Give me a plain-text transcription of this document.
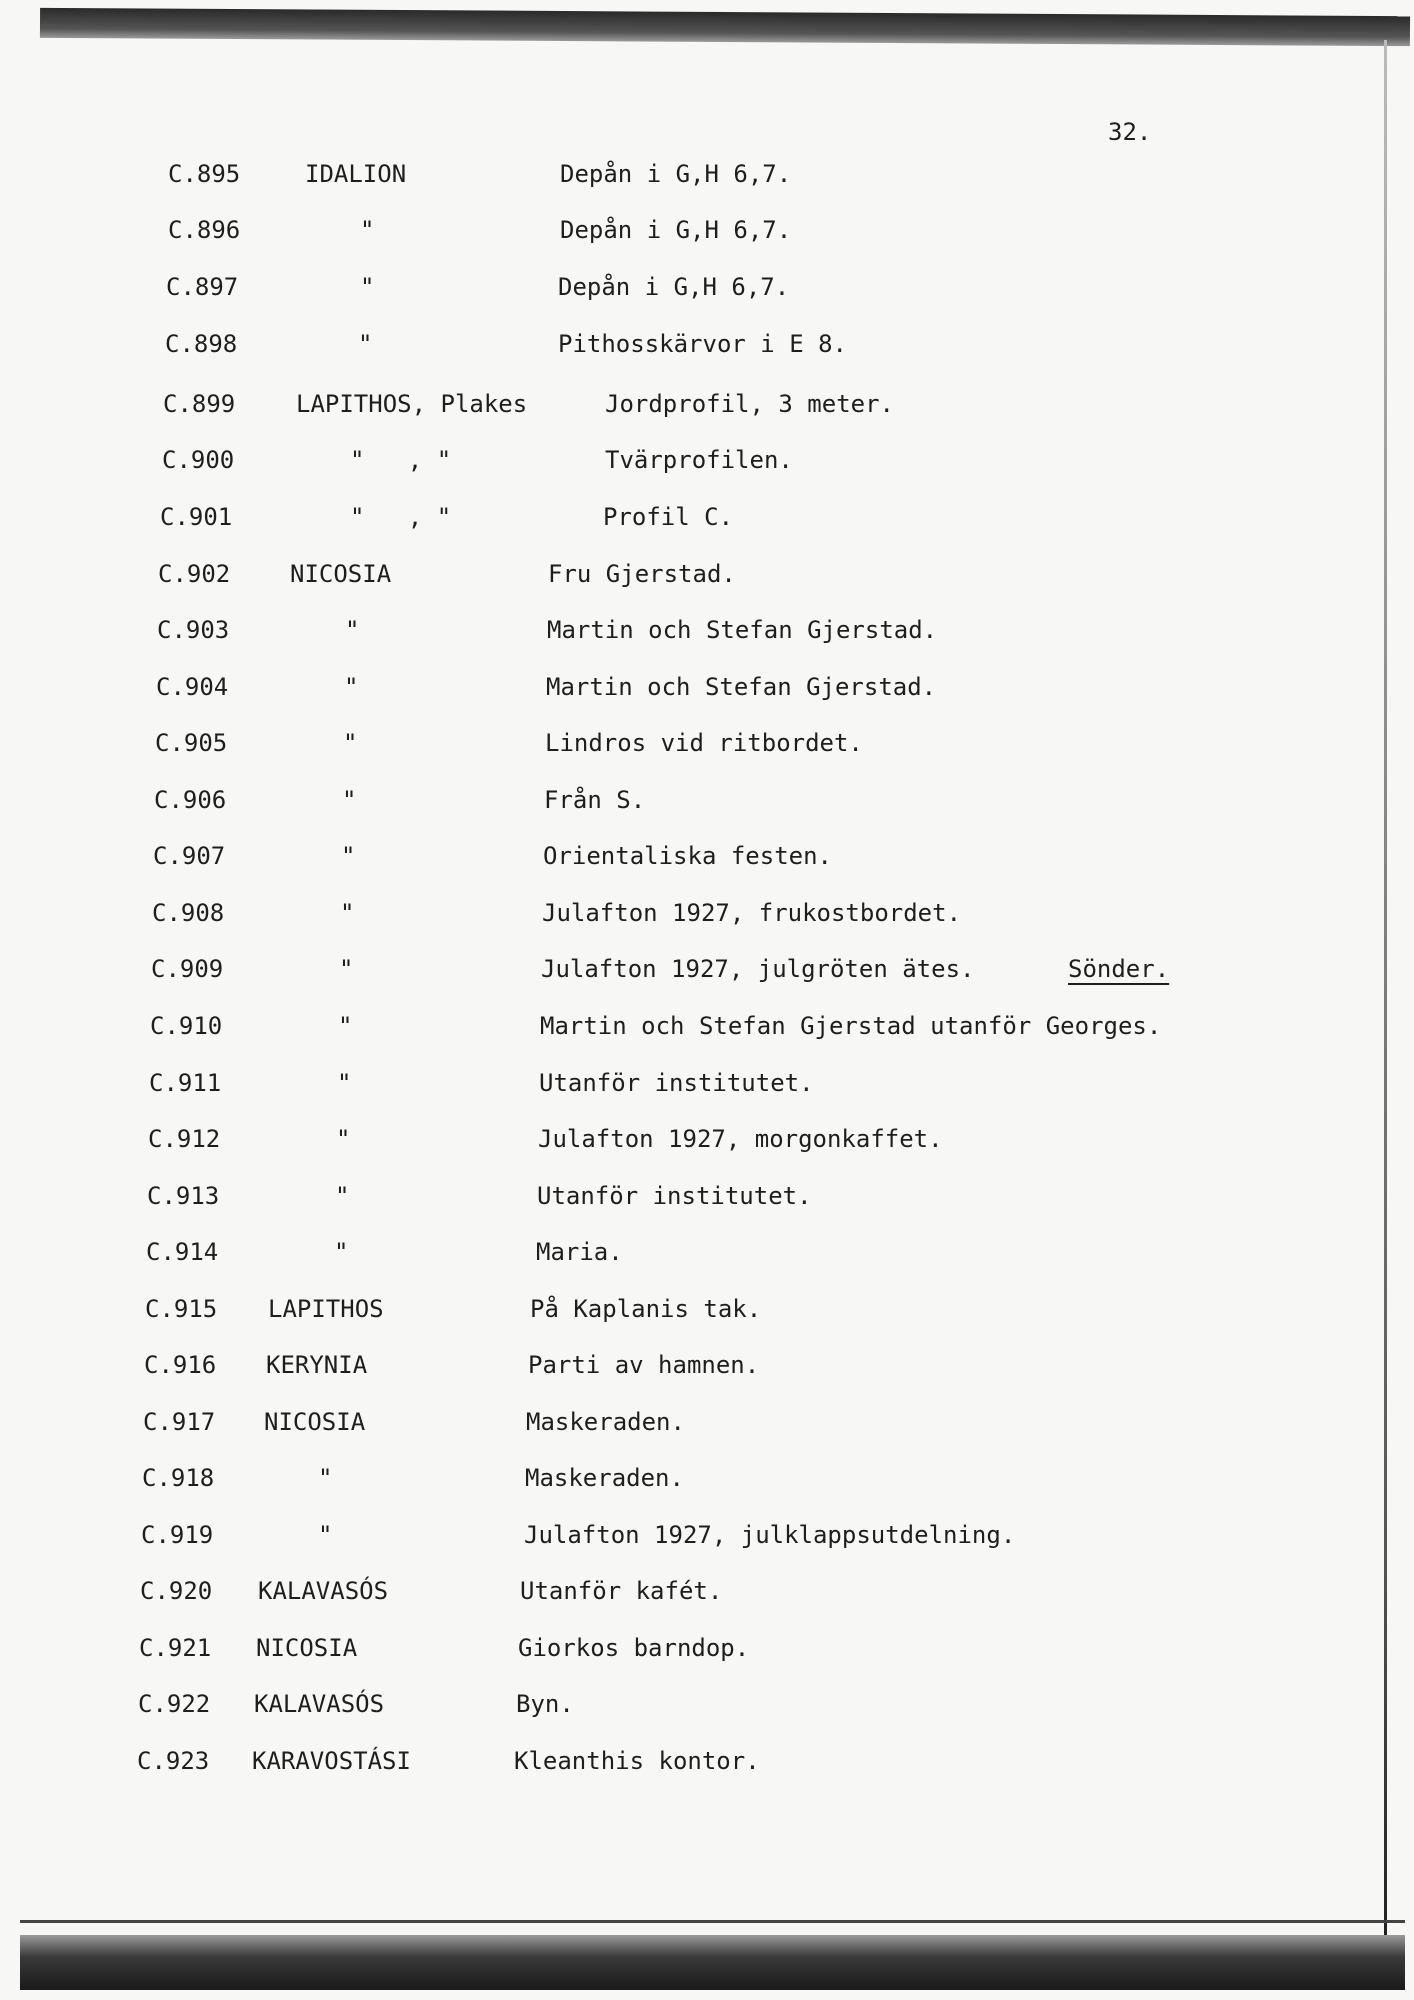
32.
C.895	IDALION	Depån i G,H 6,7.
C.896	"	Depån i G,H 6,7.
C.897	"	Depån i G,H 6,7.
C.898	"	Pithosskärvor i E 8.
C.899	LAPITHOS, Plakes	Jordprofil, 3 meter.
C.900	"   , "	Tvärprofilen.
C.901	"   , "	Profil C.
C.902 NICOSIA	Fru Gjerstad.
C.903	"	Martin och Stefan Gjerstad.
C.904	"	Martin och Stefan Gjerstad.
C.905	"	Lindros vid ritbordet.
C.906	"	Från S.
C.907	"	Orientaliska festen.
C.908	"	Julafton 1927, frukostbordet.
C.909	"	Julafton 1927, julgröten ätes.	Sönder.
C.910	"	Martin och Stefan Gjerstad utanför Georges.
C.911	"	Utanför institutet.
C.912	"	Julafton 1927, morgonkaffet.
C.913	"	Utanför institutet.
C.914	"	Maria.
C.915 LAPITHOS	På Kaplanis tak.
C.916 KERYNIA	Parti av hamnen.
C.917 NICOSIA	Maskeraden.
C.918	"	Maskeraden.
C.919	"	Julafton 1927, julklappsutdelning.
C.920 KALAVASÓS	Utanför kafét.
C.921 NICOSIA	Giorkos barndop.
C.922 KALAVASÓS	Byn.
C.923 KARAVOSTÁSI	Kleanthis kontor.
